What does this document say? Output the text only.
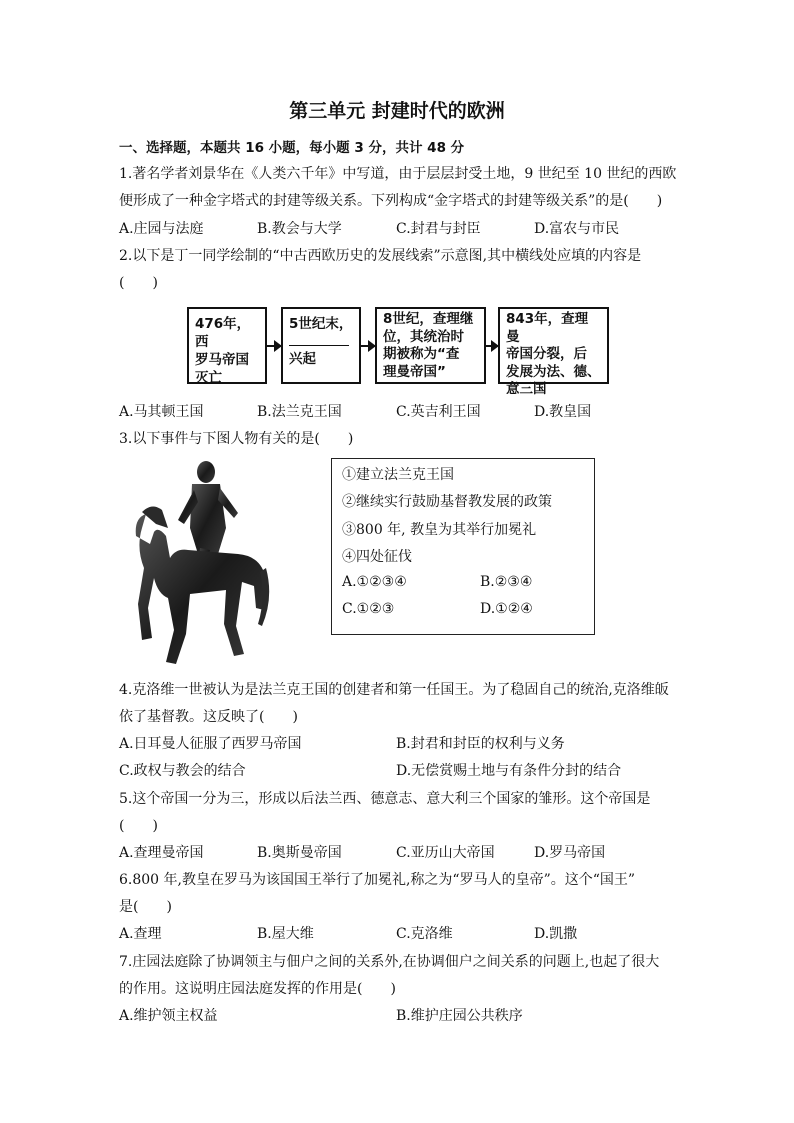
第三单元 封建时代的欧洲
一、选择题，本题共 16 小题，每小题 3 分，共计 48 分
1.著名学者刘景华在《人类六千年》中写道，由于层层封受土地，9 世纪至 10 世纪的西欧
便形成了一种金字塔式的封建等级关系。下列构成“金字塔式的封建等级关系”的是(　　)
A.庄园与法庭	B.教会与大学	C.封君与封臣	D.富农与市民
2.以下是丁一同学绘制的“中古西欧历史的发展线索”示意图,其中横线处应填的内容是
(　　)
476年，西
罗马帝国
灭亡
5世纪末，
兴起
8世纪，查理继
位，其统治时
期被称为“查
理曼帝国”
843年，查理曼
帝国分裂，后
发展为法、德、
意三国
A.马其顿王国	B.法兰克王国	C.英吉利王国	D.教皇国
3.以下事件与下图人物有关的是(　　)
①建立法兰克王国
②继续实行鼓励基督教发展的政策
③800 年, 教皇为其举行加冕礼
④四处征伐
A.①②③④	B.②③④
C.①②③	D.①②④
4.克洛维一世被认为是法兰克王国的创建者和第一任国王。为了稳固自己的统治,克洛维皈
依了基督教。这反映了(　　)
A.日耳曼人征服了西罗马帝国	B.封君和封臣的权利与义务
C.政权与教会的结合	D.无偿赏赐土地与有条件分封的结合
5.这个帝国一分为三，形成以后法兰西、德意志、意大利三个国家的雏形。这个帝国是
(　　)
A.查理曼帝国	B.奥斯曼帝国	C.亚历山大帝国	D.罗马帝国
6.800 年,教皇在罗马为该国国王举行了加冕礼,称之为“罗马人的皇帝”。这个“国王”
是(　　)
A.查理	B.屋大维	C.克洛维	D.凯撒
7.庄园法庭除了协调领主与佃户之间的关系外,在协调佃户之间关系的问题上,也起了很大
的作用。这说明庄园法庭发挥的作用是(　　)
A.维护领主权益	B.维护庄园公共秩序
